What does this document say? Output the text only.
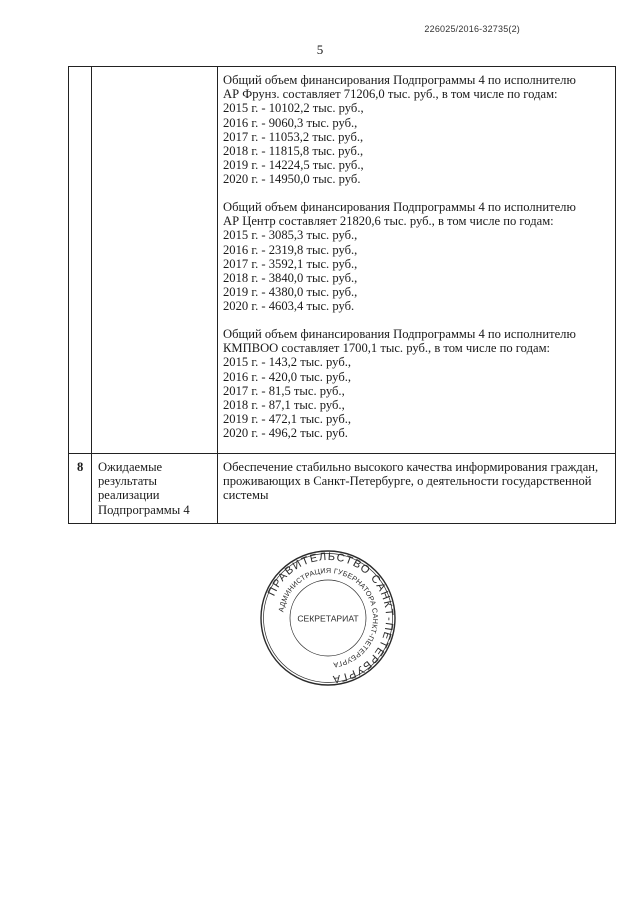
226025/2016-32735(2)
5
Общий объем финансирования Подпрограммы 4 по исполнителю
АР Фрунз. составляет 71206,0 тыс. руб., в том числе по годам:
2015 г. - 10102,2 тыс. руб.,
2016 г. - 9060,3 тыс. руб.,
2017 г. - 11053,2 тыс. руб.,
2018 г. - 11815,8 тыс. руб.,
2019 г. - 14224,5 тыс. руб.,
2020 г. - 14950,0 тыс. руб.
Общий объем финансирования Подпрограммы 4 по исполнителю
АР Центр составляет 21820,6 тыс. руб., в том числе по годам:
2015 г. - 3085,3 тыс. руб.,
2016 г. - 2319,8 тыс. руб.,
2017 г. - 3592,1 тыс. руб.,
2018 г. - 3840,0 тыс. руб.,
2019 г. - 4380,0 тыс. руб.,
2020 г. - 4603,4 тыс. руб.
Общий объем финансирования Подпрограммы 4 по исполнителю
КМПВОО составляет 1700,1 тыс. руб., в том числе по годам:
2015 г. - 143,2 тыс. руб.,
2016 г. - 420,0 тыс. руб.,
2017 г. - 81,5 тыс. руб.,
2018 г. - 87,1 тыс. руб.,
2019 г. - 472,1 тыс. руб.,
2020 г. - 496,2 тыс. руб.
8 Ожидаемые результаты реализации Подпрограммы 4
Обеспечение стабильно высокого качества информирования граждан, проживающих в Санкт-Петербурге, о деятельности государственной системы
ПРАВИТЕЛЬСТВО САНКТ-ПЕТЕРБУРГА
АДМИНИСТРАЦИЯ ГУБЕРНАТОРА САНКТ-ПЕТЕРБУРГА
СЕКРЕТАРИАТ
